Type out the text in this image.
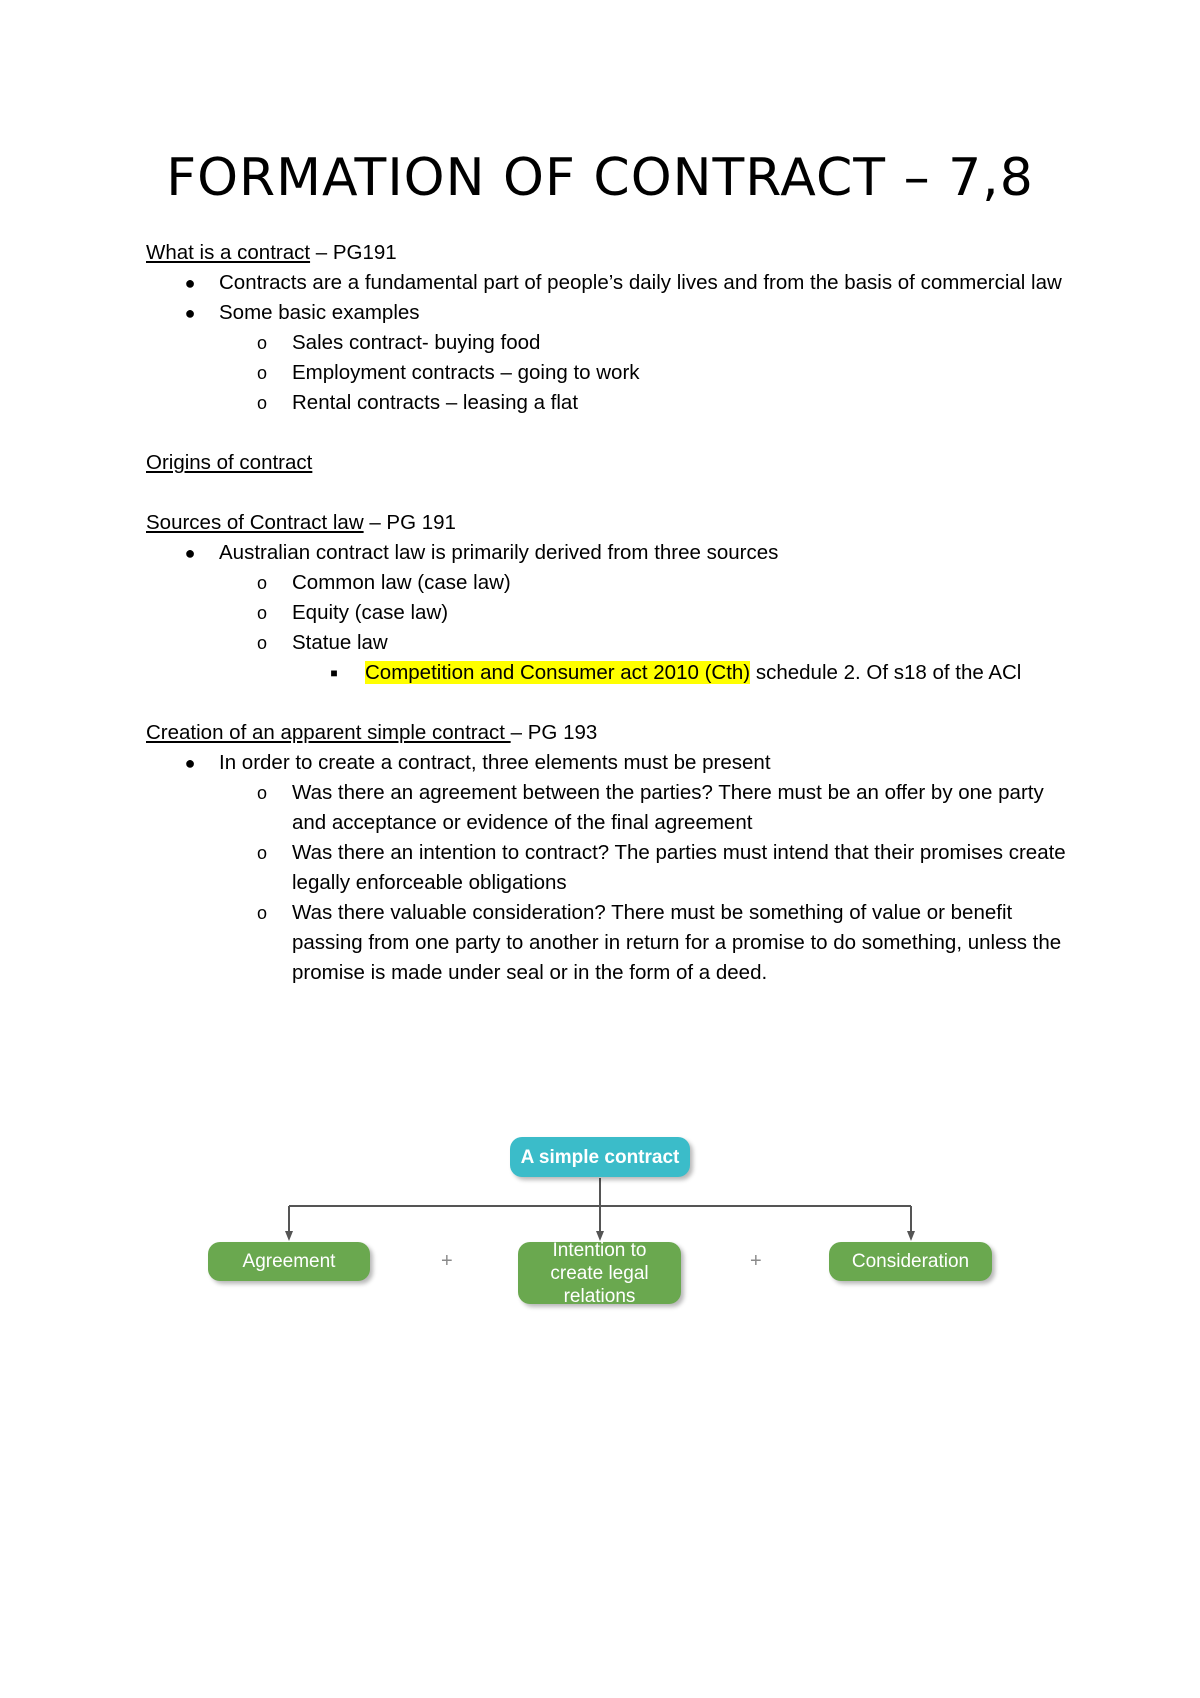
FORMATION OF CONTRACT – 7,8

What is a contract – PG191

● Contracts are a fundamental part of people’s daily lives and from the basis of commercial law
● Some basic examples
o Sales contract- buying food
o Employment contracts – going to work
o Rental contracts – leasing a flat

Origins of contract

Sources of Contract law – PG 191

● Australian contract law is primarily derived from three sources
o Common law (case law)
o Equity (case law)
o Statue law
■	Competition and Consumer act 2010 (Cth) schedule 2. Of s18 of the ACl

Creation of an apparent simple contract – PG 193

● In order to create a contract, three elements must be present
o Was there an agreement between the parties? There must be an offer by one party and acceptance or evidence of the final agreement
o Was there an intention to contract? The parties must intend that their promises create legally enforceable obligations
o Was there valuable consideration? There must be something of value or benefit passing from one party to another in return for a promise to do something, unless the promise is made under seal or in the form of a deed.
A simple contract
Agreement	+	Intention to create legal relations
+	Consideration
